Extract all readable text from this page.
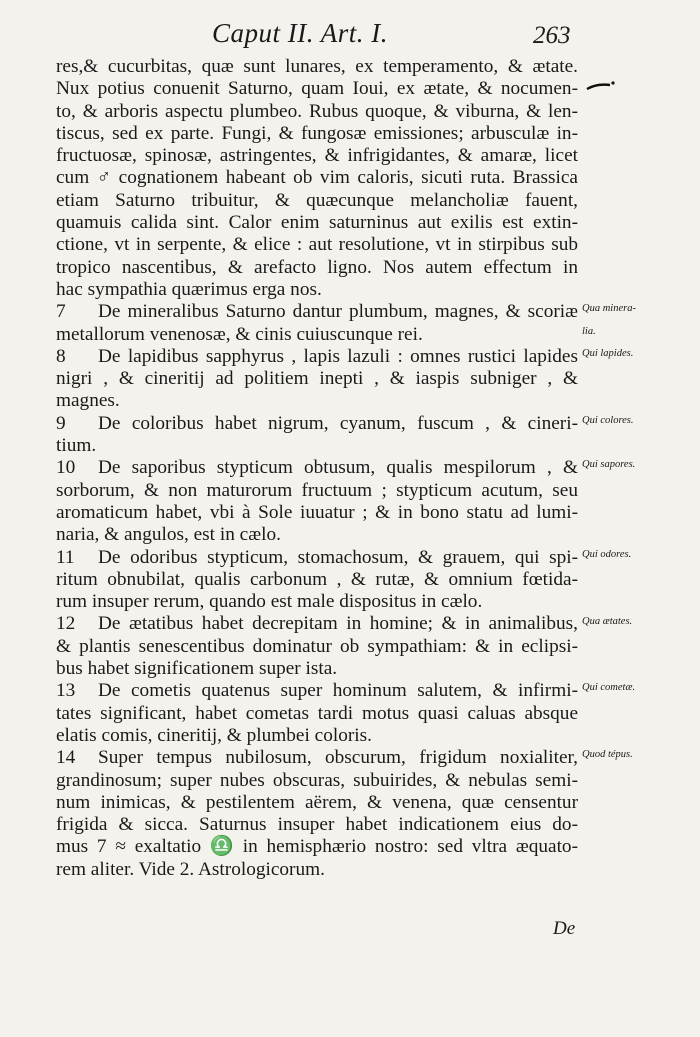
Caput II. Art. I.	263
res,& cucurbitas, quæ sunt lunares, ex temperamento, & ætate.
Nux potius conuenit Saturno, quam Ioui, ex ætate, & nocumen-
to, & arboris aspectu plumbeo. Rubus quoque, & viburna, & len-
tiscus, sed ex parte. Fungi, & fungosæ emissiones; arbusculæ in-
fructuosæ, spinosæ, astringentes, & infrigidantes, & amaræ, licet
cum ♂ cognationem habeant ob vim caloris, sicuti ruta. Brassica
etiam Saturno tribuitur, & quæcunque melancholiæ fauent,
quamuis calida sint. Calor enim saturninus aut exilis est extin-
ctione, vt in serpente, & elice : aut resolutione, vt in stirpibus sub
tropico nascentibus, & arefacto ligno. Nos autem effectum in
hac sympathia quærimus erga nos.
7 De mineralibus Saturno dantur plumbum, magnes, & scoriæ
metallorum venenosæ, & cinis cuiuscunque rei.
8 De lapidibus sapphyrus , lapis lazuli : omnes rustici lapides
nigri , & cineritij ad politiem inepti , & iaspis subniger , &
magnes.
9 De coloribus habet nigrum, cyanum, fuscum , & cineri-
tium.
10 De saporibus stypticum obtusum, qualis mespilorum , &
sorborum, & non maturorum fructuum ; stypticum acutum, seu
aromaticum habet, vbi à Sole iuuatur ; & in bono statu ad lumi-
naria, & angulos, est in cælo.
11 De odoribus stypticum, stomachosum, & grauem, qui spi-
ritum obnubilat, qualis carbonum , & rutæ, & omnium fœtida-
rum insuper rerum, quando est male dispositus in cælo.
12 De ætatibus habet decrepitam in homine; & in animalibus,
& plantis senescentibus dominatur ob sympathiam: & in eclipsi-
bus habet significationem super ista.
13 De cometis quatenus super hominum salutem, & infirmi-
tates significant, habet cometas tardi motus quasi caluas absque
elatis comis, cineritij, & plumbei coloris.
14 Super tempus nubilosum, obscurum, frigidum noxialiter,
grandinosum; super nubes obscuras, subuirides, & nebulas semi-
num inimicas, & pestilentem aërem, & venena, quæ censentur
frigida & sicca. Saturnus insuper habet indicationem eius do-
mus 7 ≈ exaltatio ♎ in hemisphærio nostro: sed vltra æquato-
rem aliter. Vide 2. Astrologicorum.
Qua minera-
lia.
Qui lapides.
Qui colores.
Qui sapores.
Qui odores.
Qua ætates.
Qui cometæ.
Quod tépus.
De
